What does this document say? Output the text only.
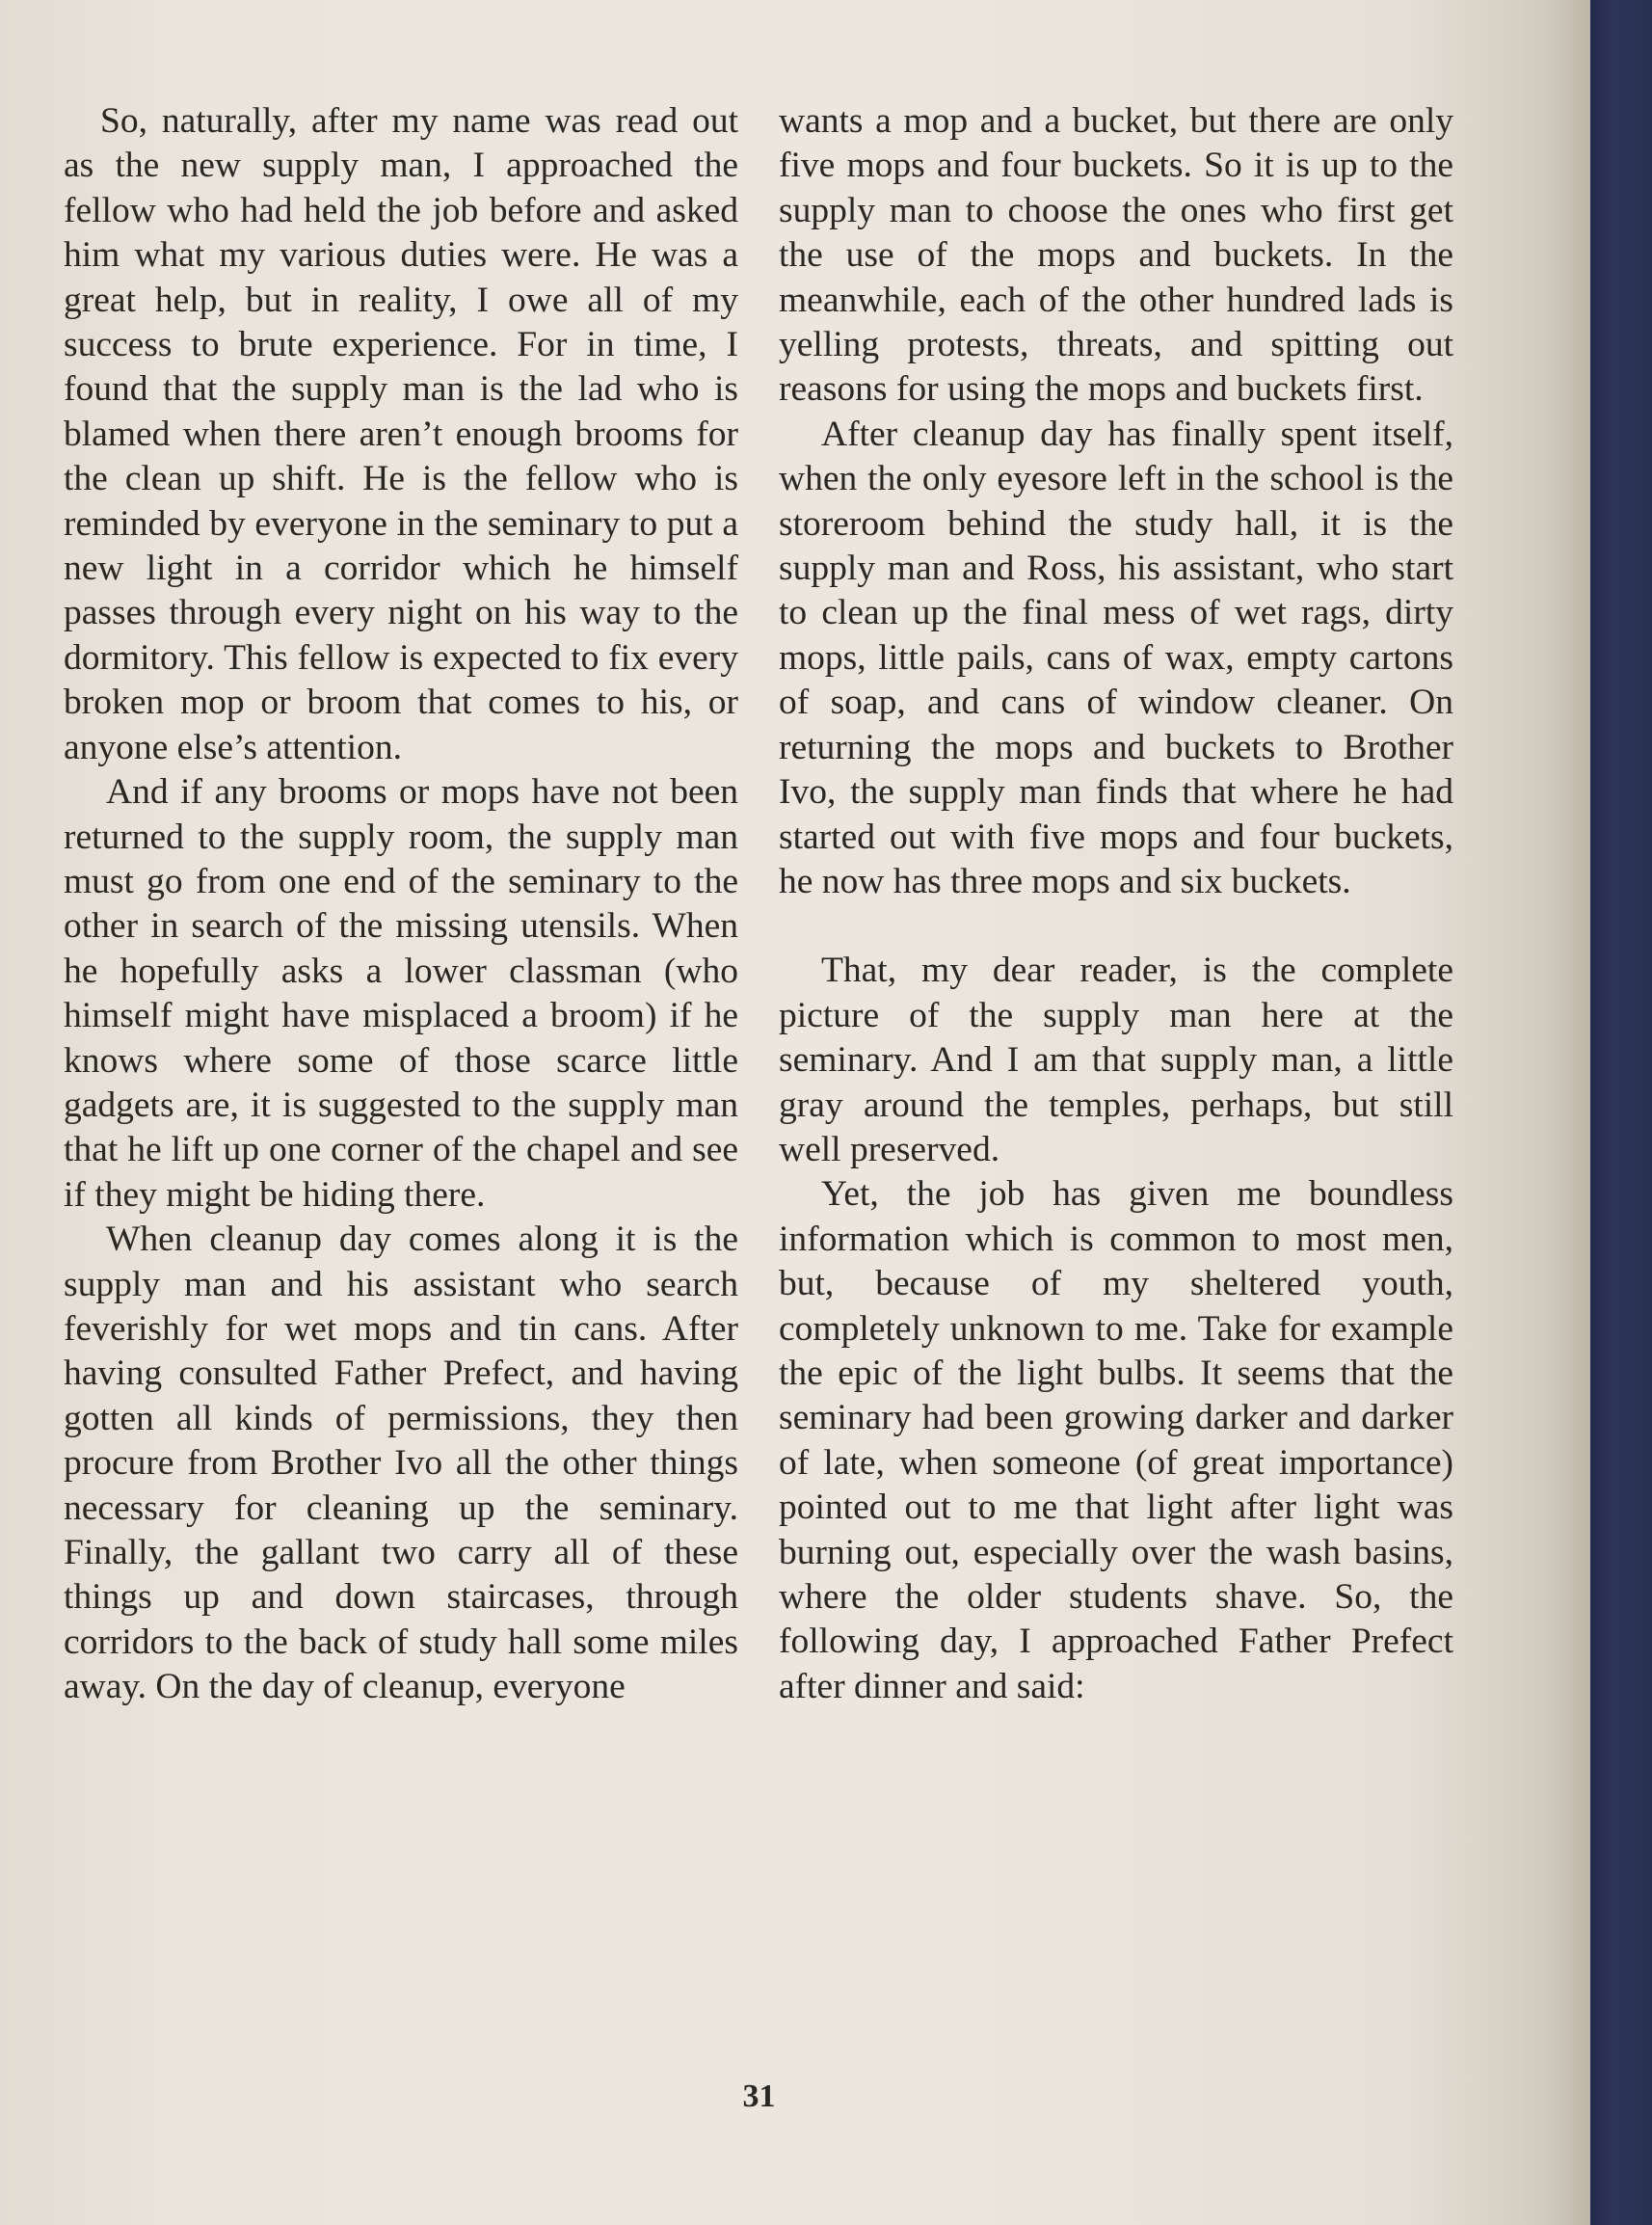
So, naturally, after my name was read out as the new supply man, I approached the fellow who had held the job before and asked him what my various duties were. He was a great help, but in reality, I owe all of my success to brute experience. For in time, I found that the supply man is the lad who is blamed when there aren’t enough brooms for the clean up shift. He is the fellow who is reminded by everyone in the seminary to put a new light in a corridor which he himself passes through every night on his way to the dormitory. This fellow is expected to fix every broken mop or broom that comes to his, or anyone else’s attention.

And if any brooms or mops have not been returned to the supply room, the supply man must go from one end of the seminary to the other in search of the missing utensils. When he hopefully asks a lower classman (who himself might have misplaced a broom) if he knows where some of those scarce little gadgets are, it is suggested to the supply man that he lift up one corner of the chapel and see if they might be hiding there.

When cleanup day comes along it is the supply man and his assistant who search feverishly for wet mops and tin cans. After having consulted Father Prefect, and having gotten all kinds of permissions, they then procure from Brother Ivo all the other things necessary for cleaning up the seminary. Finally, the gallant two carry all of these things up and down staircases, through corridors to the back of study hall some miles away. On the day of cleanup, everyone

wants a mop and a bucket, but there are only five mops and four buckets. So it is up to the supply man to choose the ones who first get the use of the mops and buckets. In the meanwhile, each of the other hundred lads is yelling protests, threats, and spitting out reasons for using the mops and buckets first.

After cleanup day has finally spent itself, when the only eyesore left in the school is the storeroom behind the study hall, it is the supply man and Ross, his assistant, who start to clean up the final mess of wet rags, dirty mops, little pails, cans of wax, empty cartons of soap, and cans of window cleaner. On returning the mops and buckets to Brother Ivo, the supply man finds that where he had started out with five mops and four buckets, he now has three mops and six buckets.

That, my dear reader, is the complete picture of the supply man here at the seminary. And I am that supply man, a little gray around the temples, perhaps, but still well preserved.

Yet, the job has given me boundless information which is common to most men, but, because of my sheltered youth, completely unknown to me. Take for example the epic of the light bulbs. It seems that the seminary had been growing darker and darker of late, when someone (of great importance) pointed out to me that light after light was burning out, especially over the wash basins, where the older students shave. So, the following day, I approached Father Prefect after dinner and said:

31
